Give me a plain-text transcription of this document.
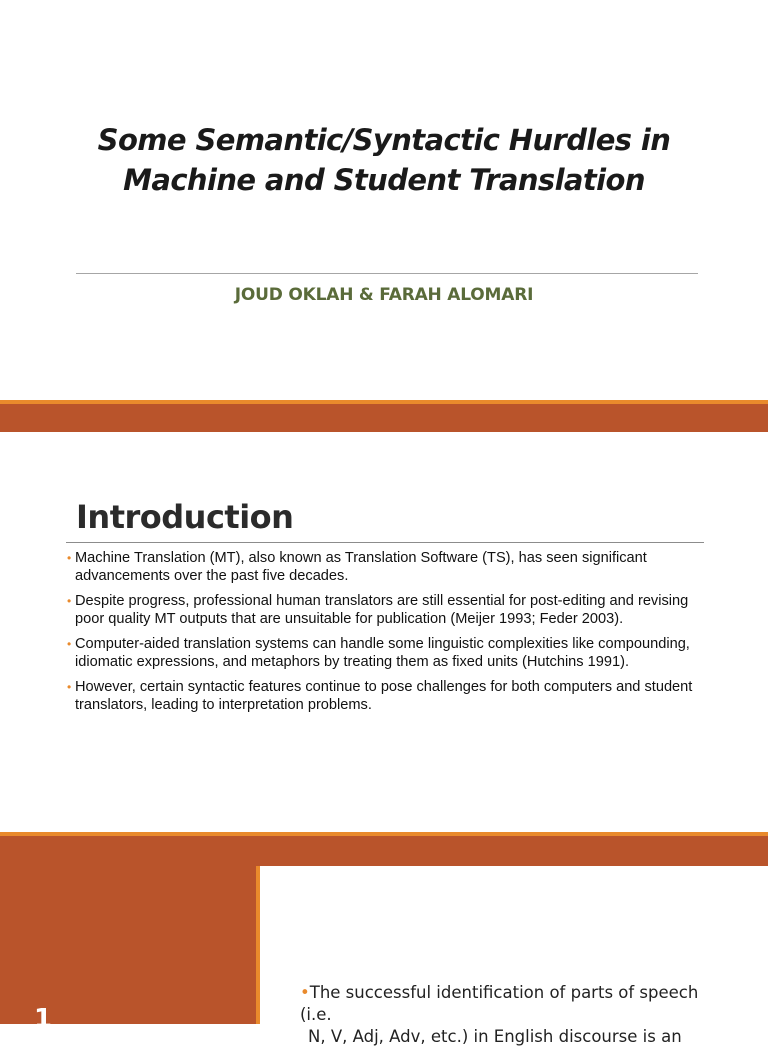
Some Semantic/Syntactic Hurdles in Machine and Student Translation
JOUD OKLAH & FARAH ALOMARI
Introduction
• Machine Translation (MT), also known as Translation Software (TS), has seen significant advancements over the past five decades.
• Despite progress, professional human translators are still essential for post-editing and revising poor quality MT outputs that are unsuitable for publication (Meijer 1993; Feder 2003).
• Computer-aided translation systems can handle some linguistic complexities like compounding, idiomatic expressions, and metaphors by treating them as fixed units (Hutchins 1991).
• However, certain syntactic features continue to pose challenges for both computers and student translators, leading to interpretation problems.
1
•The successful identification of parts of speech (i.e.
N, V, Adj, Adv, etc.) in English discourse is an
